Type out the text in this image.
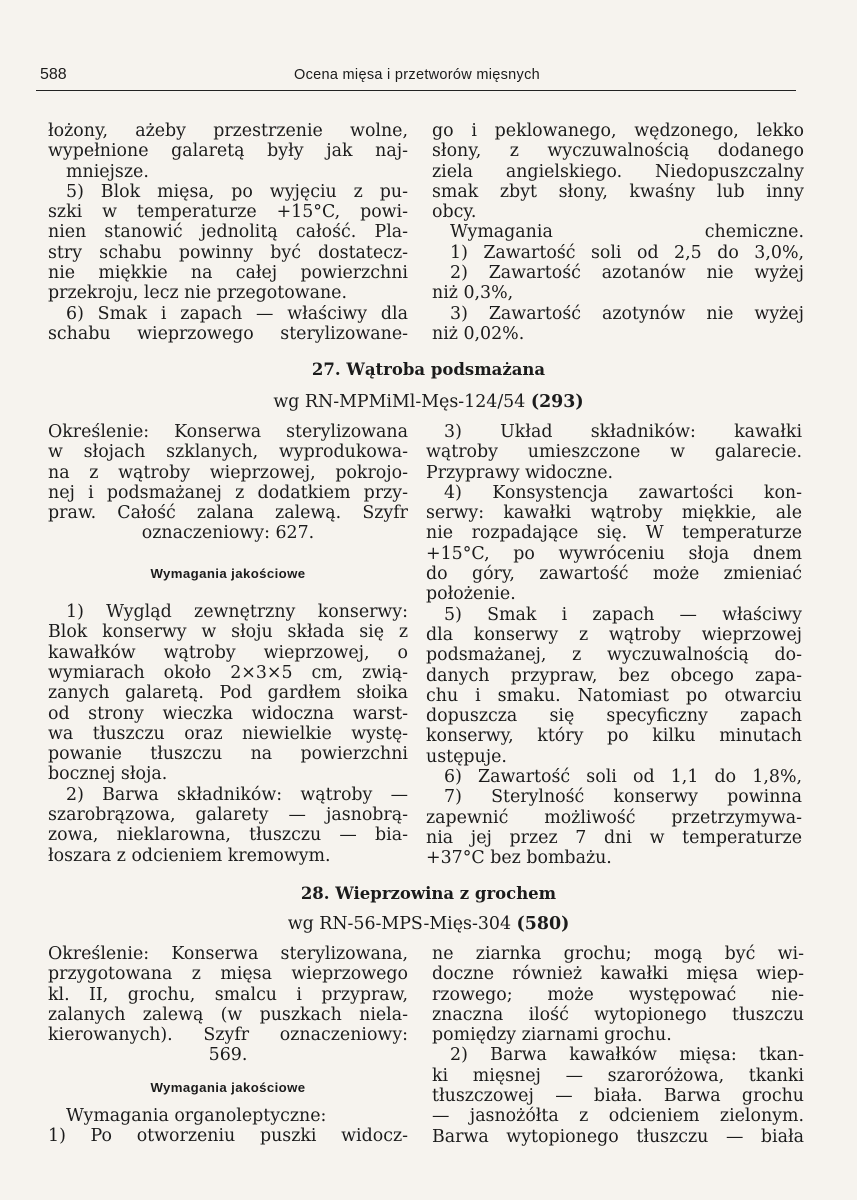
588	Ocena mięsa i przetworów mięsnych
łożony, ażeby przestrzenie wolne,
wypełnione galaretą były jak naj-
mniejsze.
5) Blok mięsa, po wyjęciu z pu-
szki w temperaturze +15°C, powi-
nien stanowić jednolitą całość. Pla-
stry schabu powinny być dostatecz-
nie miękkie na całej powierzchni
przekroju, lecz nie przegotowane.
6) Smak i zapach — właściwy dla
schabu wieprzowego sterylizowane-
go i peklowanego, wędzonego, lekko
słony, z wyczuwalnością dodanego
ziela angielskiego. Niedopuszczalny
smak zbyt słony, kwaśny lub inny
obcy.
Wymagania chemiczne.
1) Zawartość soli od 2,5 do 3,0%,
2) Zawartość azotanów nie wyżej
niż 0,3%,
3) Zawartość azotynów nie wyżej
niż 0,02%.
27. Wątroba podsmażana
wg RN-MPMiMl-Męs-124/54 (293)
Określenie: Konserwa sterylizowana
w słojach szklanych, wyprodukowa-
na z wątroby wieprzowej, pokrojo-
nej i podsmażanej z dodatkiem przy-
praw. Całość zalana zalewą. Szyfr
oznaczeniowy: 627.
Wymagania jakościowe
1) Wygląd zewnętrzny konserwy:
Blok konserwy w słoju składa się z
kawałków wątroby wieprzowej, o
wymiarach około 2×3×5 cm, zwią-
zanych galaretą. Pod gardłem słoika
od strony wieczka widoczna warst-
wa tłuszczu oraz niewielkie wystę-
powanie tłuszczu na powierzchni
bocznej słoja.
2) Barwa składników: wątroby —
szarobrązowa, galarety — jasnobrą-
zowa, nieklarowna, tłuszczu — bia-
łoszara z odcieniem kremowym.
3) Układ składników: kawałki
wątroby umieszczone w galarecie.
Przyprawy widoczne.
4) Konsystencja zawartości kon-
serwy: kawałki wątroby miękkie, ale
nie rozpadające się. W temperaturze
+15°C, po wywróceniu słoja dnem
do góry, zawartość może zmieniać
położenie.
5) Smak i zapach — właściwy
dla konserwy z wątroby wieprzowej
podsmażanej, z wyczuwalnością do-
danych przypraw, bez obcego zapa-
chu i smaku. Natomiast po otwarciu
dopuszcza się specyficzny zapach
konserwy, który po kilku minutach
ustępuje.
6) Zawartość soli od 1,1 do 1,8%,
7) Sterylność konserwy powinna
zapewnić możliwość przetrzymywa-
nia jej przez 7 dni w temperaturze
+37°C bez bombażu.
28. Wieprzowina z grochem
wg RN-56-MPS-Mięs-304 (580)
Określenie: Konserwa sterylizowana,
przygotowana z mięsa wieprzowego
kl. II, grochu, smalcu i przypraw,
zalanych zalewą (w puszkach niela-
kierowanych). Szyfr oznaczeniowy:
569.
Wymagania jakościowe
Wymagania organoleptyczne:
1) Po otworzeniu puszki widocz-
ne ziarnka grochu; mogą być wi-
doczne również kawałki mięsa wiep-
rzowego; może występować nie-
znaczna ilość wytopionego tłuszczu
pomiędzy ziarnami grochu.
2) Barwa kawałków mięsa: tkan-
ki mięsnej — szaroróżowa, tkanki
tłuszczowej — biała. Barwa grochu
— jasnożółta z odcieniem zielonym.
Barwa wytopionego tłuszczu — biała
